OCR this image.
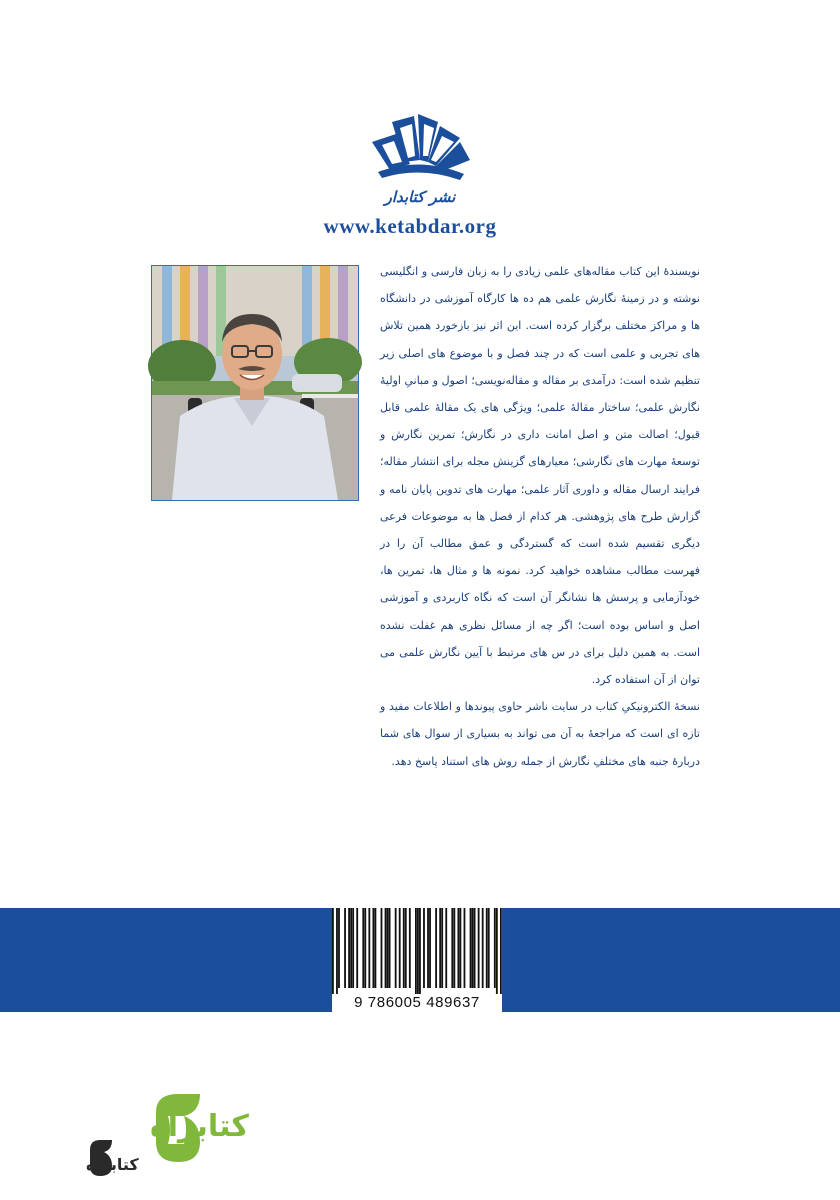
نشر کتابدار
www.ketabdar.org

نویسندهٔ این کتاب مقاله‌های علمی زیادی را به زبان فارسی و انگلیسی نوشته و در زمینهٔ نگارش علمی هم ده ها کارگاه آموزشی در دانشگاه ها و مراکز مختلف برگزار کرده است. این اثر نیز بازخورد همین تلاش های تجربی و علمی است که در چند فصل و با موضوع های اصلی زیر تنظیم شده است: درآمدی بر مقاله و مقاله‌نویسی؛ اصول و مبانیِ اولیهٔ نگارش علمی؛ ساختار مقالهٔ علمی؛ ویژگی های یک مقالهٔ علمی قابل قبول؛ اصالت متن و اصل امانت داری در نگارش؛ تمرین نگارش و توسعهٔ مهارت های نگارشی؛ معیارهای گزینش مجله برای انتشار مقاله؛ فرایند ارسال مقاله و داوری آثار علمی؛ مهارت های تدوین پایان نامه و گزارش طرح های پژوهشی. هر کدام از فصل ها به موضوعات فرعی دیگری تقسیم شده است که گستردگی و عمق مطالب آن را در فهرست مطالب مشاهده خواهید کرد. نمونه ها و مثال ها، تمرین ها، خودآزمایی و پرسش ها نشانگر آن است که نگاه کاربردی و آموزشی اصل و اساس بوده است؛ اگر چه از مسائل نظری هم غفلت نشده است. به همین دلیل برای در س های مرتبط با آیین نگارش علمی می توان از آن استفاده کرد.

نسخهٔ الکترونیکیِ کتاب در سایت ناشر حاوی پیوندها و اطلاعات مفید و تازه ای است که مراجعهٔ به آن می تواند به بسیاری از سوال های شما دربارهٔ جنبه های مختلفِ نگارش از جمله روش های استناد پاسخ دهد.

9 786005 489637
کتابراه
کتابراه
